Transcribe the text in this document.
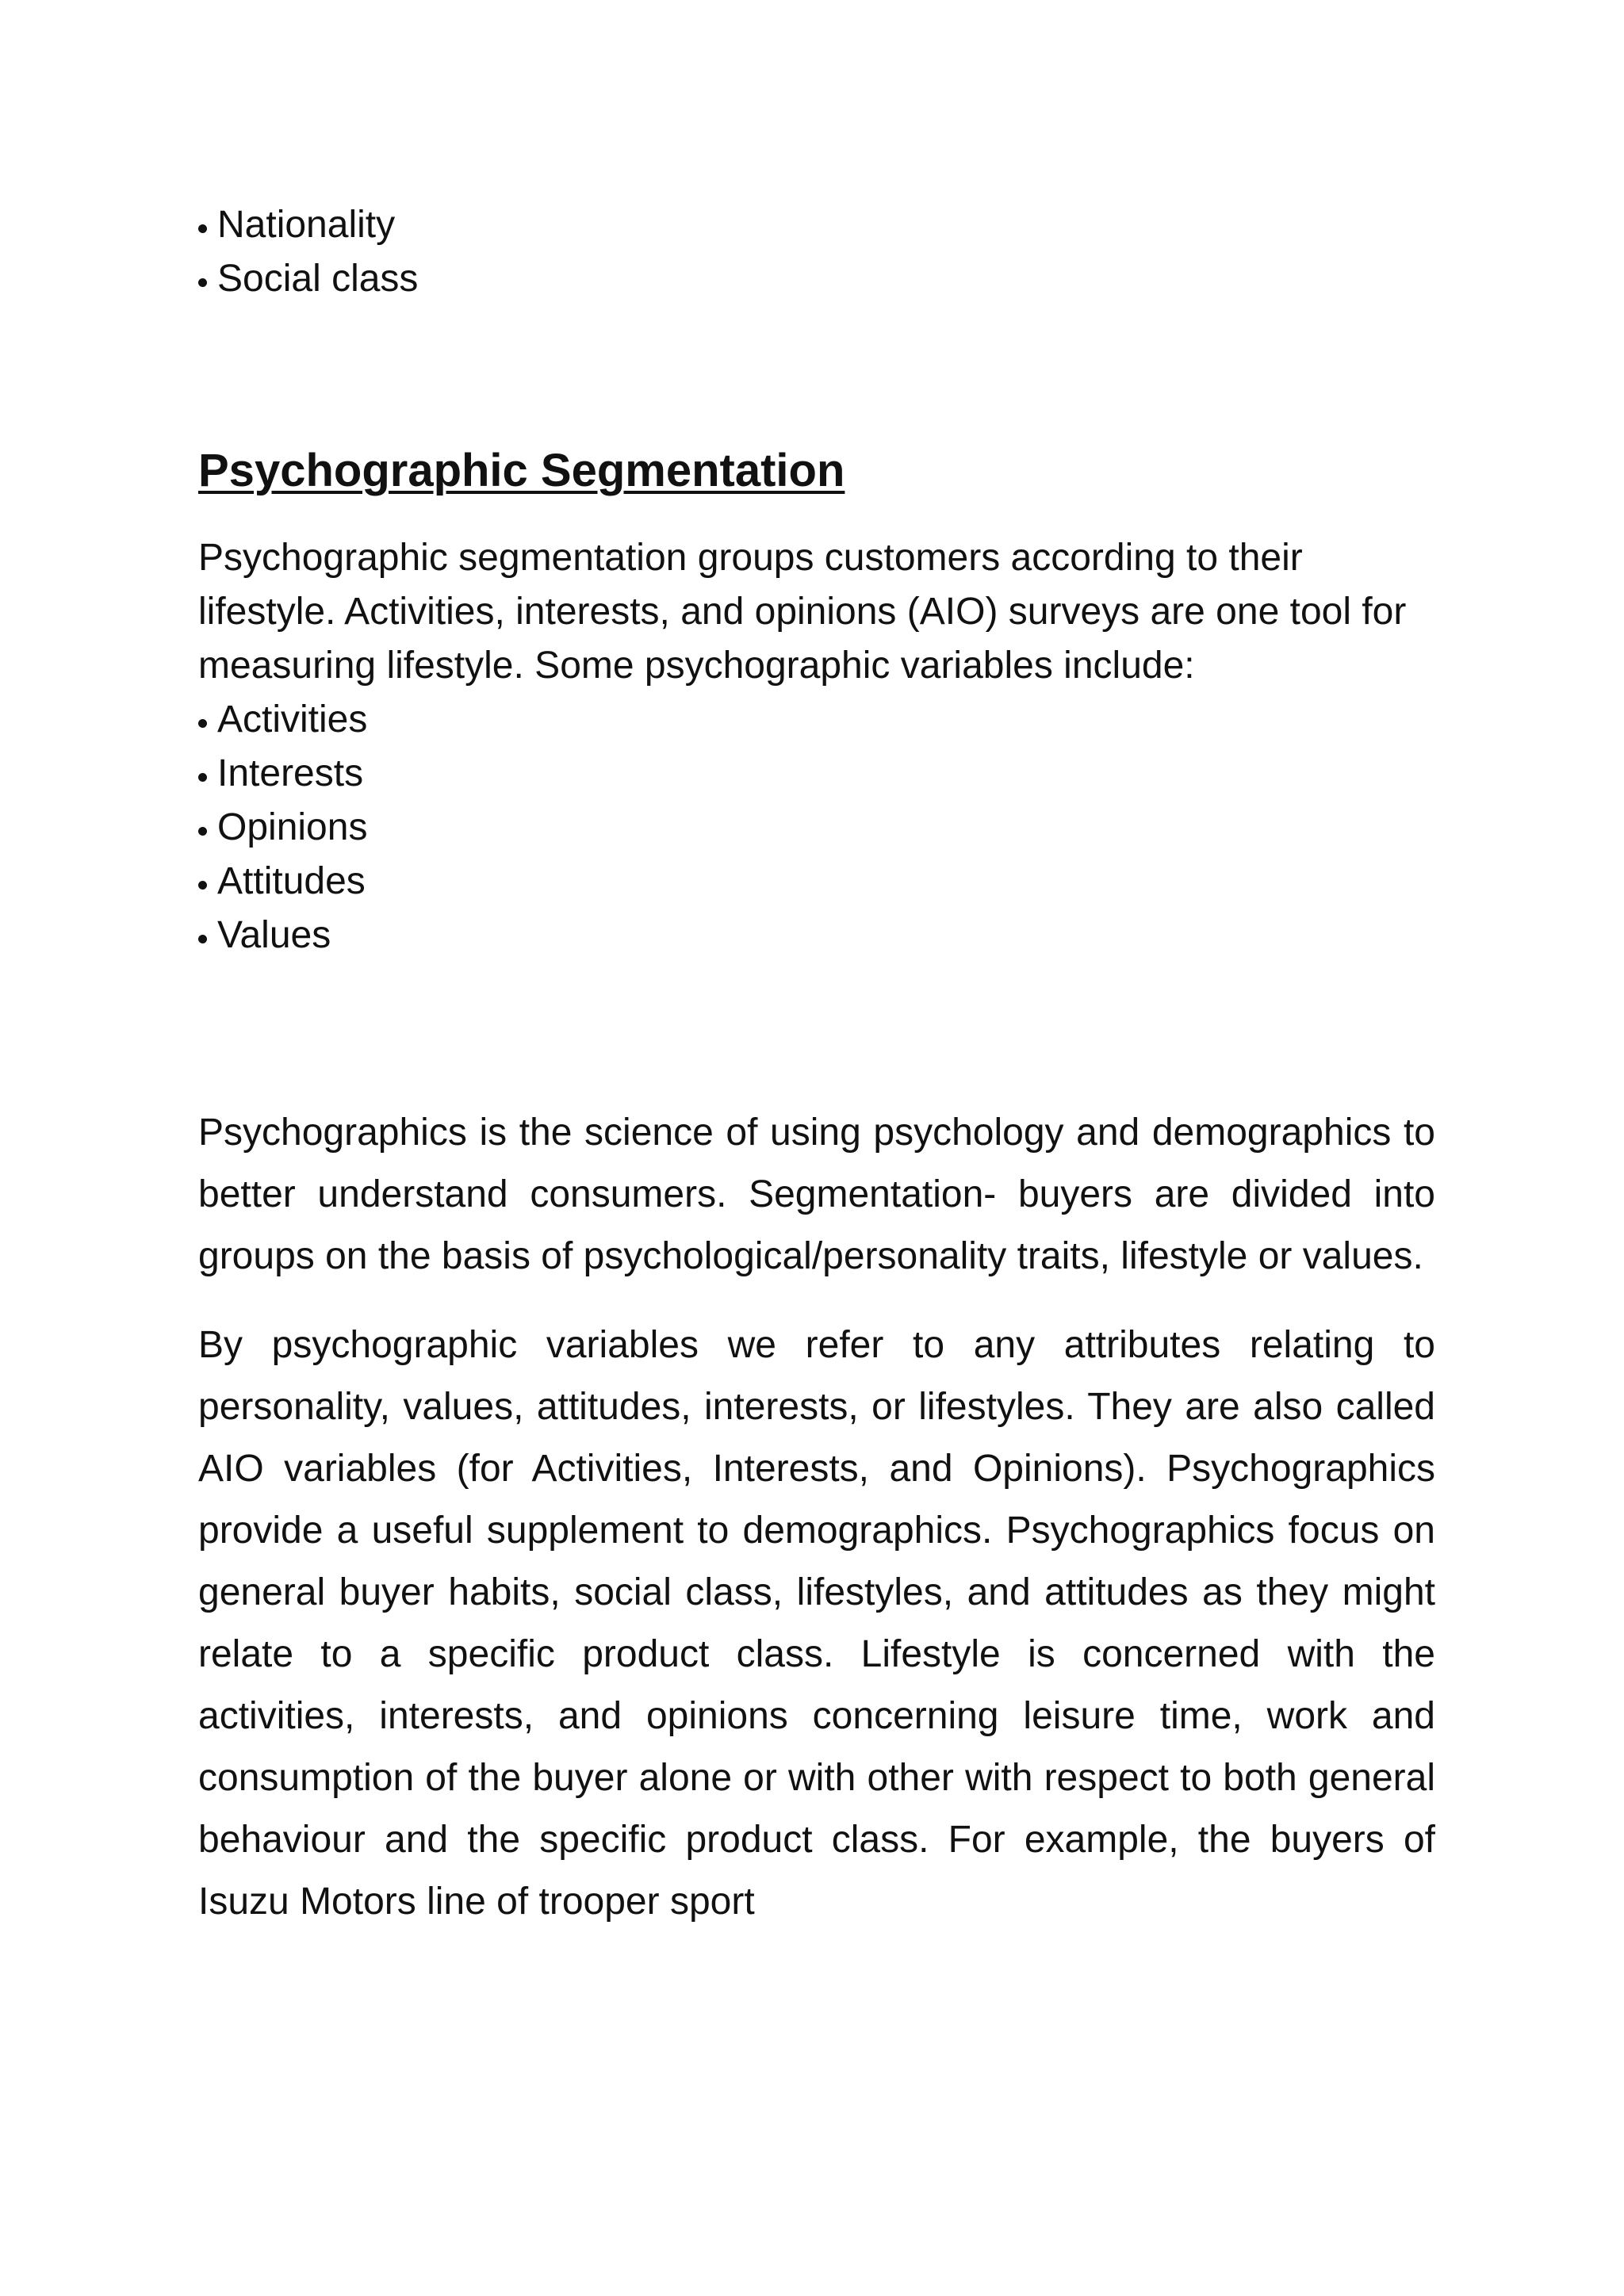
Nationality
Social class
Psychographic Segmentation

Psychographic segmentation groups customers according to their lifestyle. Activities, interests, and opinions (AIO) surveys are one tool for measuring lifestyle. Some psychographic variables include:

Activities
Interests
Opinions
Attitudes
Values

Psychographics is the science of using psychology and demographics to better understand consumers. Segmentation- buyers are divided into groups on the basis of psychological/personality traits, lifestyle or values.

By psychographic variables we refer to any attributes relating to personality, values, attitudes, interests, or lifestyles. They are also called AIO variables (for Activities, Interests, and Opinions). Psychographics provide a useful supplement to demographics. Psychographics focus on general buyer habits, social class, lifestyles, and attitudes as they might relate to a specific product class. Lifestyle is concerned with the activities, interests, and opinions concerning leisure time, work and consumption of the buyer alone or with other with respect to both general behaviour and the specific product class. For example, the buyers of Isuzu Motors line of trooper sport
